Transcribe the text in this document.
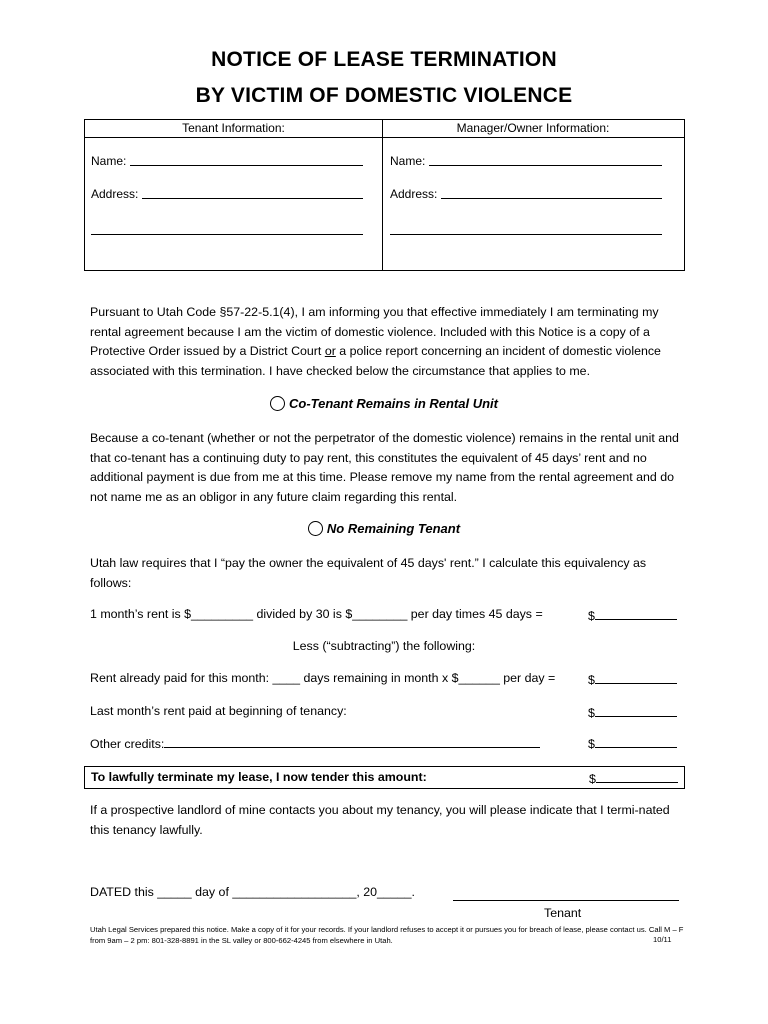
NOTICE OF LEASE TERMINATION
BY VICTIM OF DOMESTIC VIOLENCE
Tenant Information:
Name:
Address:
Manager/Owner Information:
Name:
Address:
Pursuant to Utah Code §57-22-5.1(4), I am informing you that effective immediately I am terminating my rental agreement because I am the victim of domestic violence. Included with this Notice is a copy of a Protective Order issued by a District Court or a police report concerning an incident of domestic violence associated with this termination. I have checked below the circumstance that applies to me.
Co-Tenant Remains in Rental Unit
Because a co-tenant (whether or not the perpetrator of the domestic violence) remains in the rental unit and that co-tenant has a continuing duty to pay rent, this constitutes the equivalent of 45 days’ rent and no additional payment is due from me at this time. Please remove my name from the rental agreement and do not name me as an obligor in any future claim regarding this rental.
No Remaining Tenant
Utah law requires that I “pay the owner the equivalent of 45 days' rent.” I calculate this equivalency as follows:
1 month’s rent is $_________ divided by 30 is $________ per day times 45 days =	$
Less (“subtracting”) the following:
Rent already paid for this month: ____ days remaining in month x $______ per day =	$
Last month’s rent paid at beginning of tenancy:	$
Other credits:	$
To lawfully terminate my lease, I now tender this amount:	$
If a prospective landlord of mine contacts you about my tenancy, you will please indicate that I termi-nated this tenancy lawfully.
DATED this _____ day of __________________, 20_____.
Tenant
Utah Legal Services prepared this notice. Make a copy of it for your records. If your landlord refuses to accept it or pursues you for breach of lease, please contact us. Call M – F from 9am – 2 pm: 801-328-8891 in the SL valley or 800-662-4245 from elsewhere in Utah.	10/11
